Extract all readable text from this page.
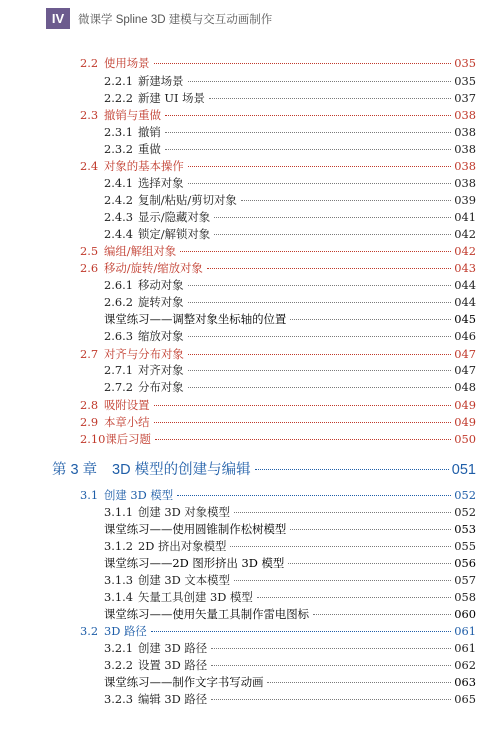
IV	微课学 Spline 3D 建模与交互动画制作
2.2 使用场景	035
2.2.1 新建场景	035
2.2.2 新建 UI 场景	037
2.3 撤销与重做	038
2.3.1 撤销	038
2.3.2 重做	038
2.4 对象的基本操作	038
2.4.1 选择对象	038
2.4.2 复制/粘贴/剪切对象	039
2.4.3 显示/隐藏对象	041
2.4.4 锁定/解锁对象	042
2.5 编组/解组对象	042
2.6 移动/旋转/缩放对象	043
2.6.1 移动对象	044
2.6.2 旋转对象	044
课堂练习——调整对象坐标轴的位置	045
2.6.3 缩放对象	046
2.7 对齐与分布对象	047
2.7.1 对齐对象	047
2.7.2 分布对象	048
2.8 吸附设置	049
2.9 本章小结	049
2.10 课后习题	050
第 3 章	3D 模型的创建与编辑	051
3.1 创建 3D 模型	052
3.1.1 创建 3D 对象模型	052
课堂练习——使用圆锥制作松树模型	053
3.1.2 2D 挤出对象模型	055
课堂练习——2D 图形挤出 3D 模型	056
3.1.3 创建 3D 文本模型	057
3.1.4 矢量工具创建 3D 模型	058
课堂练习——使用矢量工具制作雷电图标	060
3.2 3D 路径	061
3.2.1 创建 3D 路径	061
3.2.2 设置 3D 路径	062
课堂练习——制作文字书写动画	063
3.2.3 编辑 3D 路径	065
